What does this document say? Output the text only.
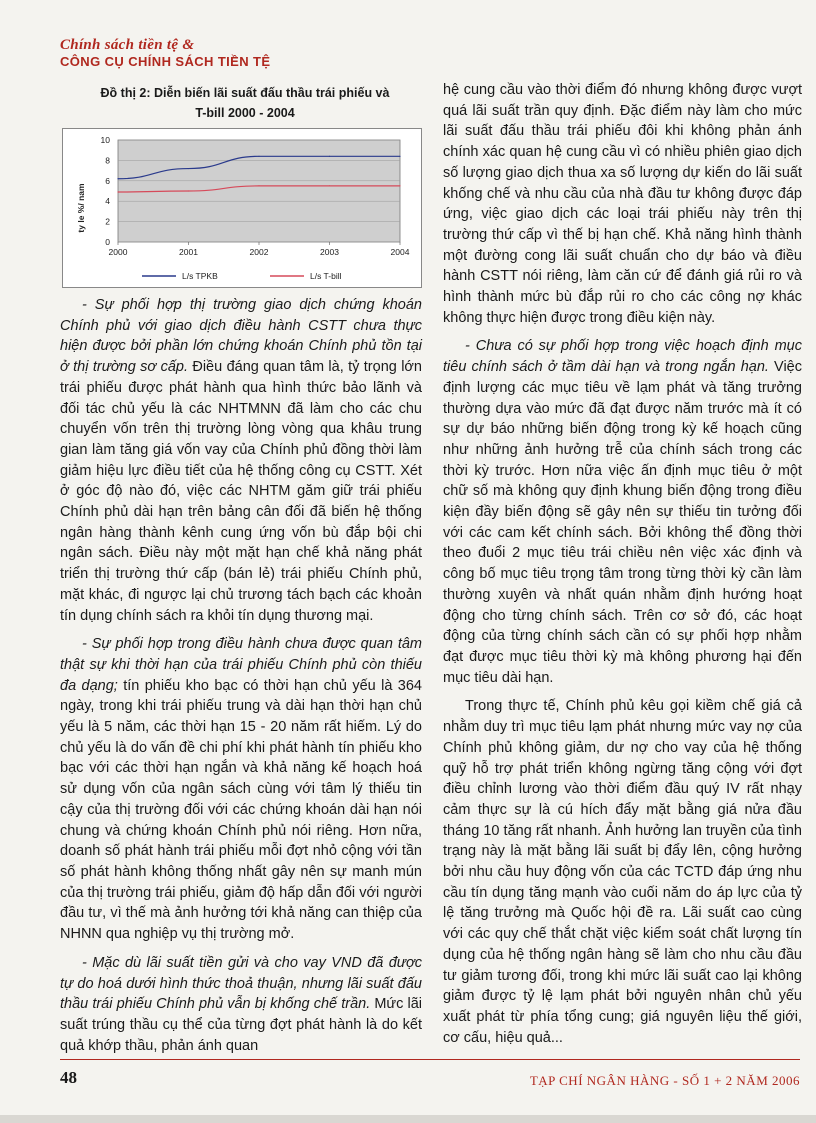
Chính sách tiền tệ &
CÔNG CỤ CHÍNH SÁCH TIỀN TỆ
Đồ thị 2: Diễn biến lãi suất đấu thầu trái phiếu và
T-bill 2000 - 2004
0
2
4
6
8
10
2000	2001	2002	2003	2004
ty le %/ nam
L/s TPKB	L/s T-bill

- Sự phối hợp thị trường giao dịch chứng khoán Chính phủ với giao dịch điều hành CSTT chưa thực hiện được bởi phần lớn chứng khoán Chính phủ tồn tại ở thị trường sơ cấp. Điều đáng quan tâm là, tỷ trọng lớn trái phiếu được phát hành qua hình thức bảo lãnh và đối tác chủ yếu là các NHTMNN đã làm cho các chu chuyển vốn trên thị trường lòng vòng qua khâu trung gian làm tăng giá vốn vay của Chính phủ đồng thời làm giảm hiệu lực điều tiết của hệ thống công cụ CSTT. Xét ở góc độ nào đó, việc các NHTM găm giữ trái phiếu Chính phủ dài hạn trên bảng cân đối đã biến hệ thống ngân hàng thành kênh cung ứng vốn bù đắp bội chi ngân sách. Điều này một mặt hạn chế khả năng phát triển thị trường thứ cấp (bán lẻ) trái phiếu Chính phủ, mặt khác, đi ngược lại chủ trương tách bạch các khoản tín dụng chính sách ra khỏi tín dụng thương mại.

- Sự phối hợp trong điều hành chưa được quan tâm thật sự khi thời hạn của trái phiếu Chính phủ còn thiếu đa dạng; tín phiếu kho bạc có thời hạn chủ yếu là 364 ngày, trong khi trái phiếu trung và dài hạn thời hạn chủ yếu là 5 năm, các thời hạn 15 - 20 năm rất hiếm. Lý do chủ yếu là do vấn đề chi phí khi phát hành tín phiếu kho bạc với các thời hạn ngắn và khả năng kế hoạch hoá sử dụng vốn của ngân sách cùng với tâm lý thiếu tin cậy của thị trường đối với các chứng khoán dài hạn nói chung và chứng khoán Chính phủ nói riêng. Hơn nữa, doanh số phát hành trái phiếu mỗi đợt nhỏ cộng với tần số phát hành không thống nhất gây nên sự manh mún của thị trường trái phiếu, giảm độ hấp dẫn đối với người đầu tư, vì thế mà ảnh hưởng tới khả năng can thiệp của NHNN qua nghiệp vụ thị trường mở.

- Mặc dù lãi suất tiền gửi và cho vay VND đã được tự do hoá dưới hình thức thoả thuận, nhưng lãi suất đấu thầu trái phiếu Chính phủ vẫn bị khống chế trần. Mức lãi suất trúng thầu cụ thể của từng đợt phát hành là do kết quả khớp thầu, phản ánh quan

hệ cung cầu vào thời điểm đó nhưng không được vượt quá lãi suất trần quy định. Đặc điểm này làm cho mức lãi suất đấu thầu trái phiếu đôi khi không phản ánh chính xác quan hệ cung cầu vì có nhiều phiên giao dịch số lượng giao dịch thua xa số lượng dự kiến do lãi suất khống chế và nhu cầu của nhà đầu tư không được đáp ứng, việc giao dịch các loại trái phiếu này trên thị trường thứ cấp vì thế bị hạn chế. Khả năng hình thành một đường cong lãi suất chuẩn cho dự báo và điều hành CSTT nói riêng, làm căn cứ để đánh giá rủi ro và hình thành mức bù đắp rủi ro cho các công nợ khác không thực hiện được trong điều kiện này.

- Chưa có sự phối hợp trong việc hoạch định mục tiêu chính sách ở tầm dài hạn và trong ngắn hạn. Việc định lượng các mục tiêu về lạm phát và tăng trưởng thường dựa vào mức đã đạt được năm trước mà ít có sự dự báo những biến động trong kỳ kế hoạch cũng như những ảnh hưởng trễ của chính sách trong các thời kỳ trước. Hơn nữa việc ấn định mục tiêu ở một chữ số mà không quy định khung biến động trong điều kiện đầy biến động sẽ gây nên sự thiếu tin tưởng đối với các cam kết chính sách. Bởi không thể đồng thời theo đuổi 2 mục tiêu trái chiều nên việc xác định và công bố mục tiêu trọng tâm trong từng thời kỳ cần làm thường xuyên và nhất quán nhằm định hướng hoạt động cho từng chính sách. Trên cơ sở đó, các hoạt động của từng chính sách cần có sự phối hợp nhằm đạt được mục tiêu thời kỳ mà không phương hại đến mục tiêu dài hạn.

Trong thực tế, Chính phủ kêu gọi kiềm chế giá cả nhằm duy trì mục tiêu lạm phát nhưng mức vay nợ của Chính phủ không giảm, dư nợ cho vay của hệ thống quỹ hỗ trợ phát triển không ngừng tăng cộng với đợt điều chỉnh lương vào thời điểm đầu quý IV rất nhạy cảm thực sự là cú hích đẩy mặt bằng giá nửa đầu tháng 10 tăng rất nhanh. Ảnh hưởng lan truyền của tình trạng này là mặt bằng lãi suất bị đẩy lên, cộng hưởng bởi nhu cầu huy động vốn của các TCTD đáp ứng nhu cầu tín dụng tăng mạnh vào cuối năm do áp lực của tỷ lệ tăng trưởng mà Quốc hội đề ra. Lãi suất cao cùng với các quy chế thắt chặt việc kiểm soát chất lượng tín dụng của hệ thống ngân hàng sẽ làm cho nhu cầu đầu tư giảm tương đối, trong khi mức lãi suất cao lại không giảm được tỷ lệ lạm phát bởi nguyên nhân chủ yếu xuất phát từ phía tổng cung; giá nguyên liệu thế giới, cơ cấu, hiệu quả...

48	TẠP CHÍ NGÂN HÀNG - SỐ 1 + 2 NĂM 2006
